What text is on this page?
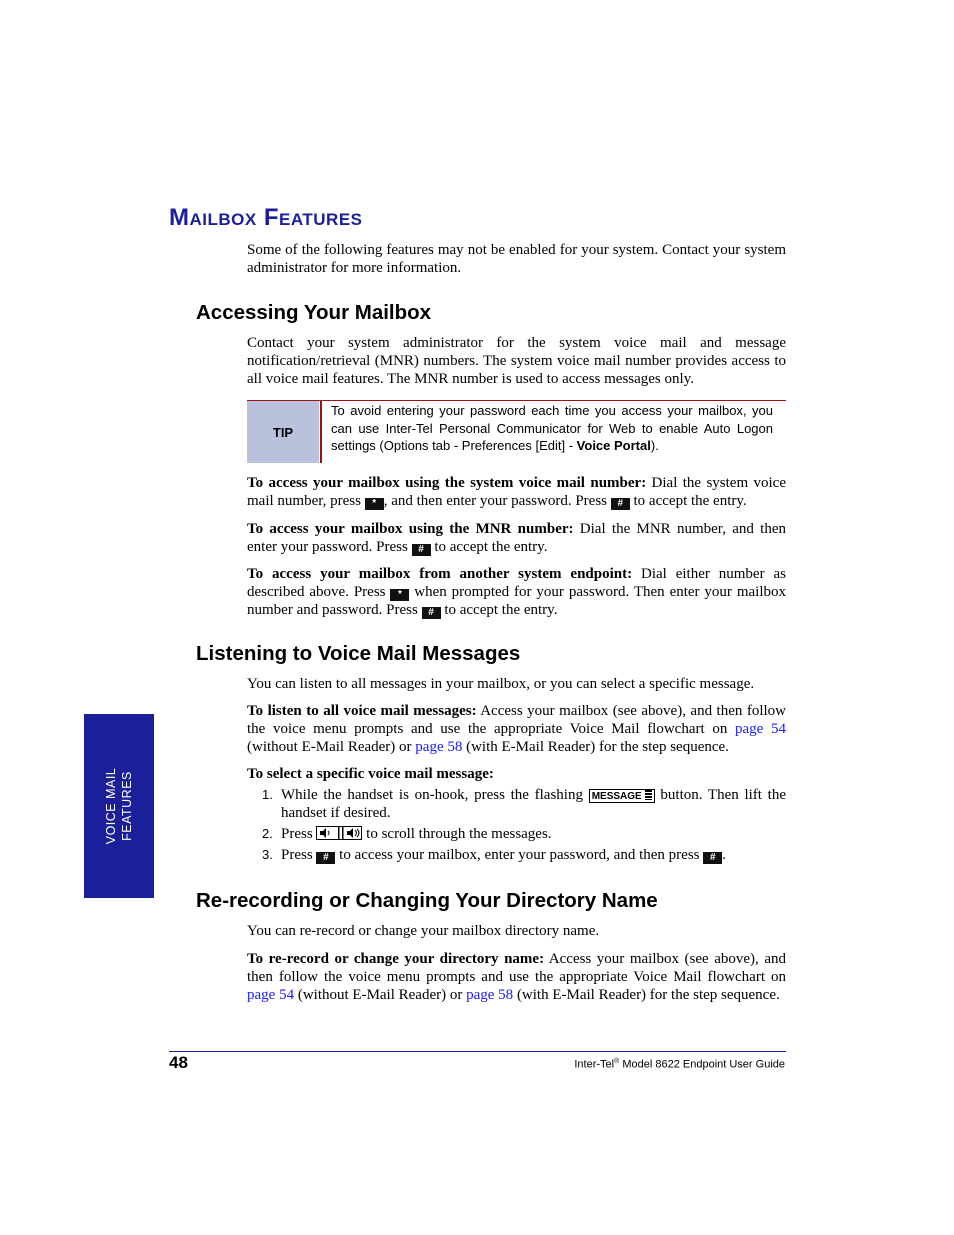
Mailbox Features
Some of the following features may not be enabled for your system. Contact your system administrator for more information.
Accessing Your Mailbox
Contact your system administrator for the system voice mail and message notification/retrieval (MNR) numbers. The system voice mail number provides access to all voice mail features. The MNR number is used to access messages only.
TIP
To avoid entering your password each time you access your mailbox, you can use Inter-Tel Personal Communicator for Web to enable Auto Logon settings (Options tab - Preferences [Edit] - Voice Portal).
To access your mailbox using the system voice mail number: Dial the system voice mail number, press * , and then enter your password. Press # to accept the entry.
To access your mailbox using the MNR number: Dial the MNR number, and then enter your password. Press # to accept the entry.
To access your mailbox from another system endpoint: Dial either number as described above. Press * when prompted for your password. Then enter your mailbox number and password. Press # to accept the entry.
Listening to Voice Mail Messages
You can listen to all messages in your mailbox, or you can select a specific message.
To listen to all voice mail messages: Access your mailbox (see above), and then follow the voice menu prompts and use the appropriate Voice Mail flowchart on page 54 (without E-Mail Reader) or page 58 (with E-Mail Reader) for the step sequence.
To select a specific voice mail message:
1. While the handset is on-hook, press the flashing MESSAGE button. Then lift the handset if desired.
2. Press	to scroll through the messages.
3. Press # to access your mailbox, enter your password, and then press # .
Re-recording or Changing Your Directory Name
You can re-record or change your mailbox directory name.
To re-record or change your directory name: Access your mailbox (see above), and then follow the voice menu prompts and use the appropriate Voice Mail flowchart on page 54 (without E-Mail Reader) or page 58 (with E-Mail Reader) for the step sequence.
VOICE MAIL FEATURES
48	Inter-Tel® Model 8622 Endpoint User Guide
